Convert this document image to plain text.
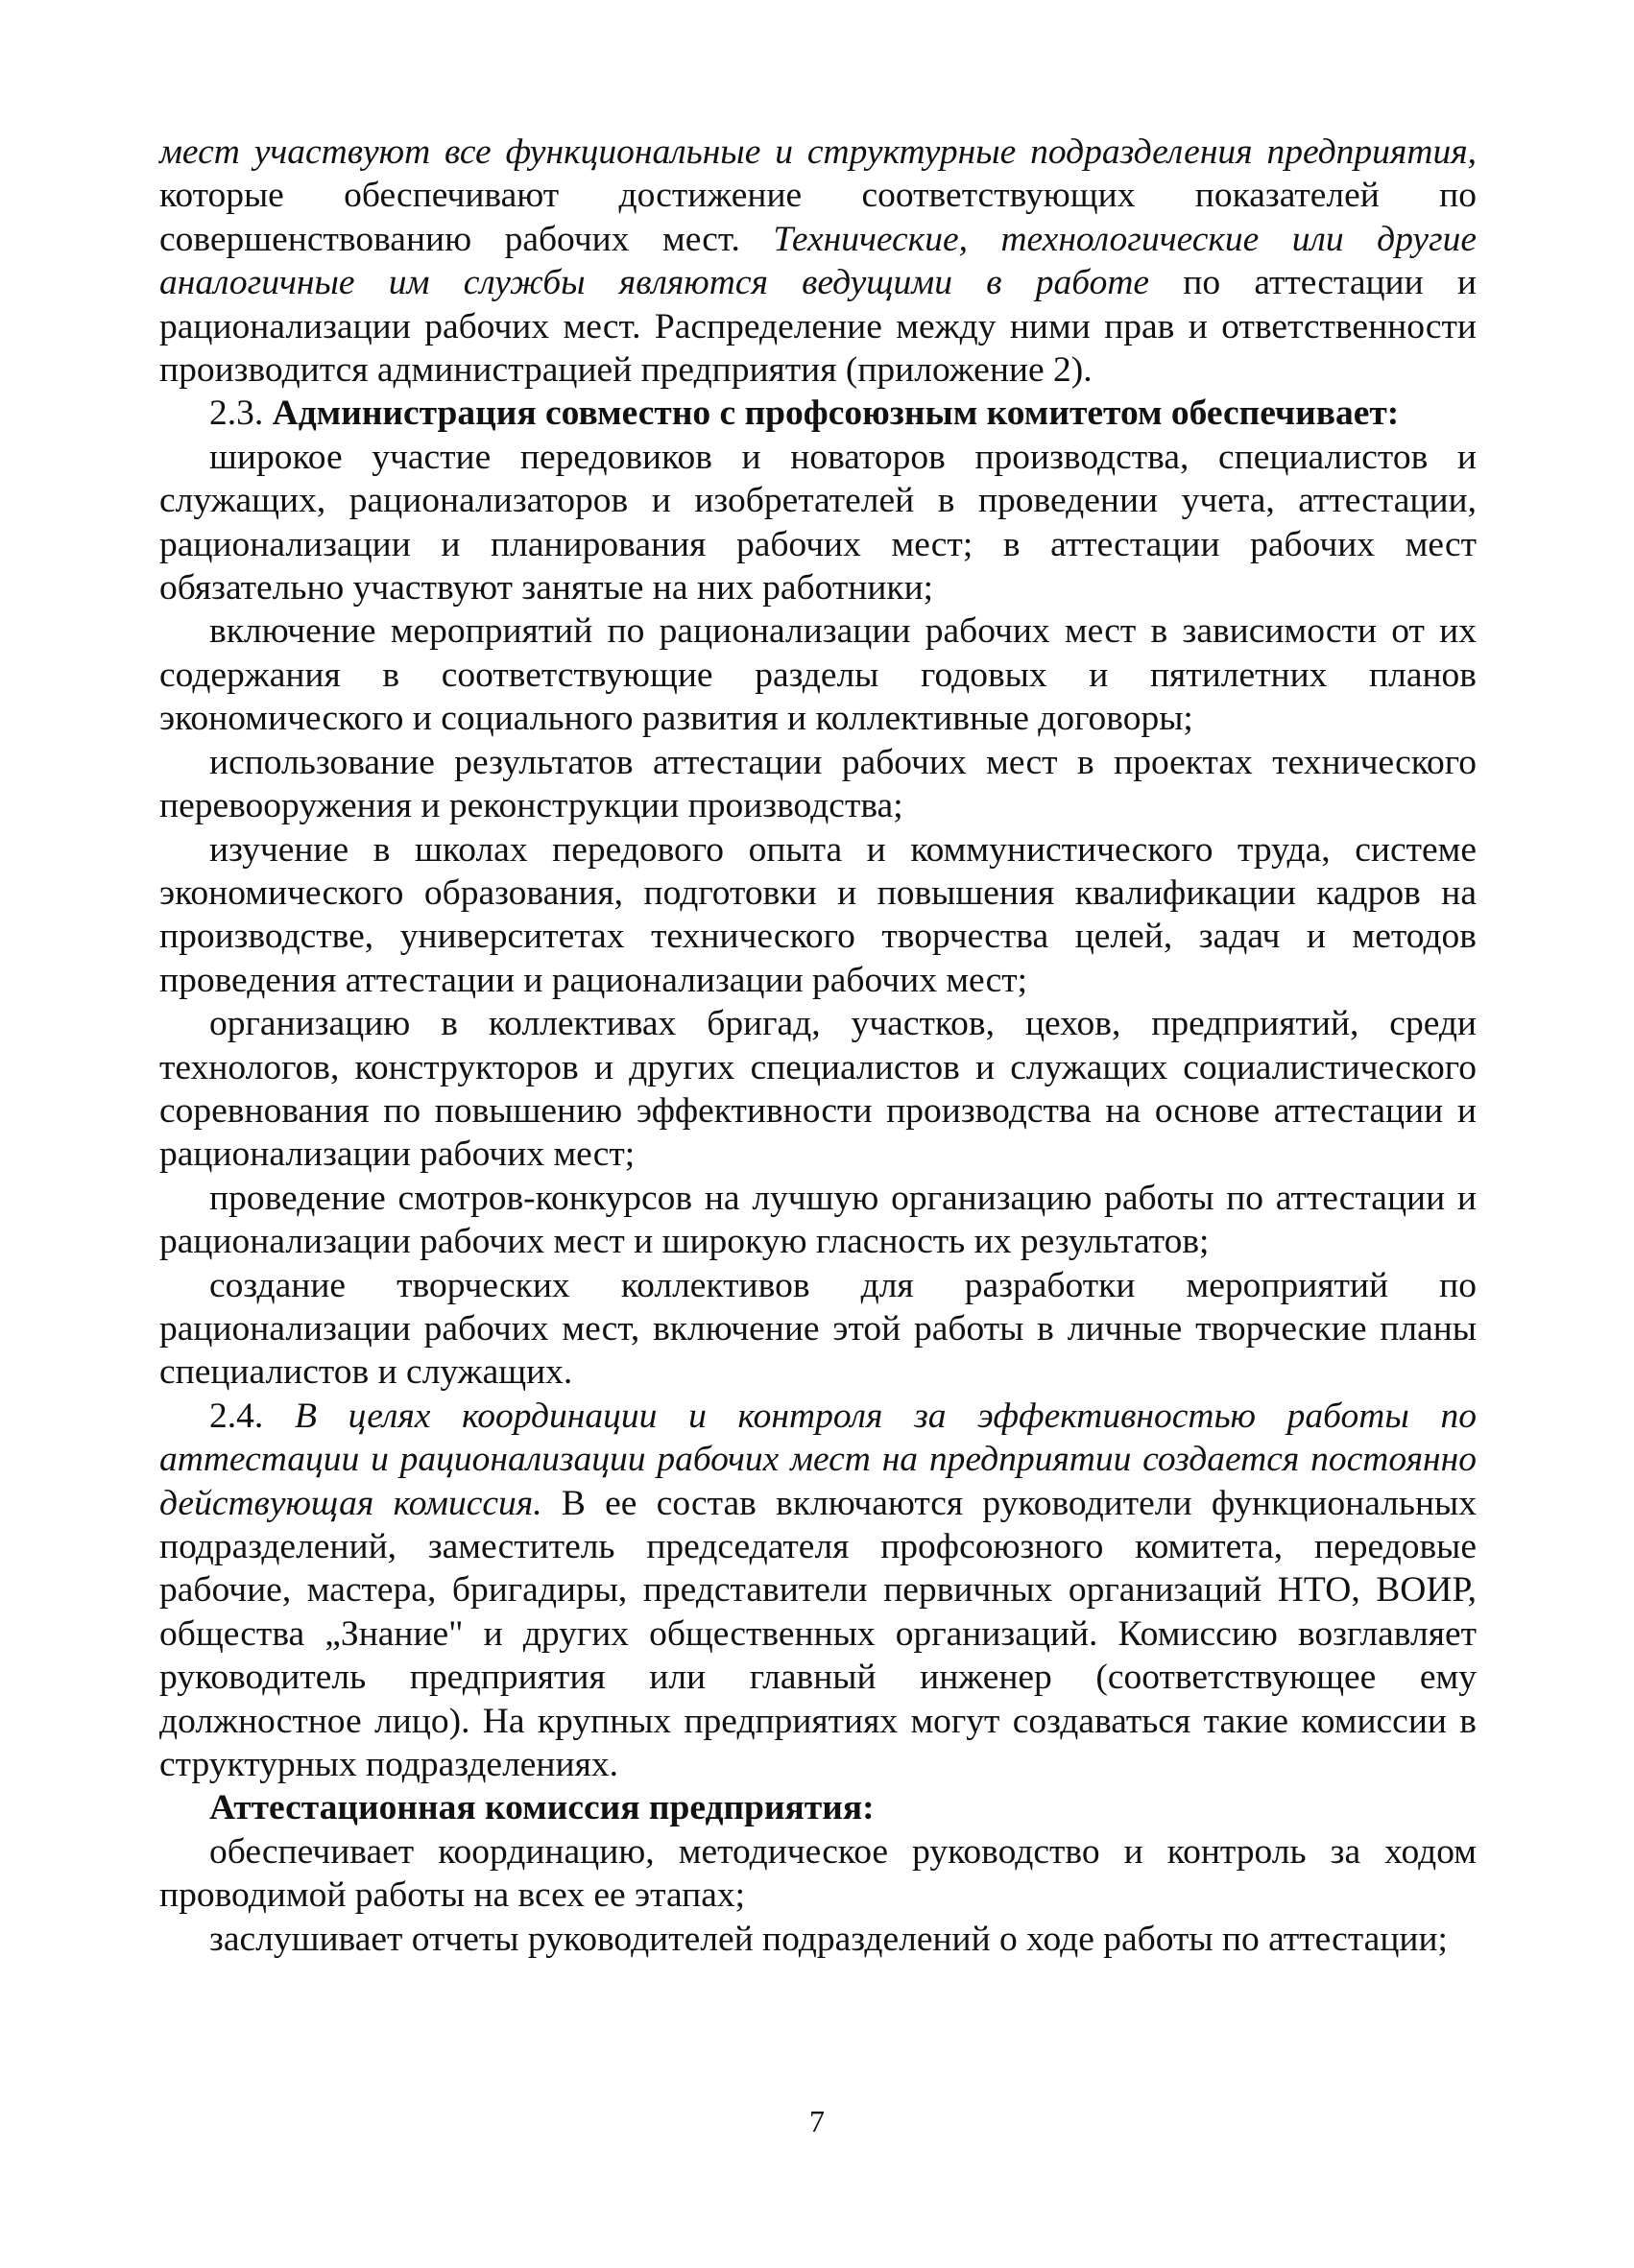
мест участвуют все функциональные и структурные подразделения предприятия, которые обеспечивают достижение соответствующих показателей по совершенствованию рабочих мест. Технические, технологические или другие аналогичные им службы являются ведущими в работе по аттестации и рационализации рабочих мест. Распределение между ними прав и ответственности производится администрацией предприятия (приложение 2).

2.3. Администрация совместно с профсоюзным комитетом обеспечивает:

широкое участие передовиков и новаторов производства, специалистов и служащих, рационализаторов и изобретателей в проведении учета, аттестации, рационализации и планирования рабочих мест; в аттестации рабочих мест обязательно участвуют занятые на них работники;

включение мероприятий по рационализации рабочих мест в зависимости от их содержания в соответствующие разделы годовых и пятилетних планов экономического и социального развития и коллективные договоры;

использование результатов аттестации рабочих мест в проектах технического перевооружения и реконструкции производства;

изучение в школах передового опыта и коммунистического труда, системе экономического образования, подготовки и повышения квалификации кадров на производстве, университетах технического творчества целей, задач и методов проведения аттестации и рационализации рабочих мест;

организацию в коллективах бригад, участков, цехов, предприятий, среди технологов, конструкторов и других специалистов и служащих социалистического соревнования по повышению эффективности производства на основе аттестации и рационализации рабочих мест;

проведение смотров-конкурсов на лучшую организацию работы по аттестации и рационализации рабочих мест и широкую гласность их результатов;

создание творческих коллективов для разработки мероприятий по рационализации рабочих мест, включение этой работы в личные творческие планы специалистов и служащих.

2.4. В целях координации и контроля за эффективностью работы по аттестации и рационализации рабочих мест на предприятии создается постоянно действующая комиссия. В ее состав включаются руководители функциональных подразделений, заместитель председателя профсоюзного комитета, передовые рабочие, мастера, бригадиры, представители первичных организаций НТО, ВОИР, общества „Знание" и других общественных организаций. Комиссию возглавляет руководитель предприятия или главный инженер (соответствующее ему должностное лицо). На крупных предприятиях могут создаваться такие комиссии в структурных подразделениях.

Аттестационная комиссия предприятия:

обеспечивает координацию, методическое руководство и контроль за ходом проводимой работы на всех ее этапах;

заслушивает отчеты руководителей подразделений о ходе работы по аттестации;

7
